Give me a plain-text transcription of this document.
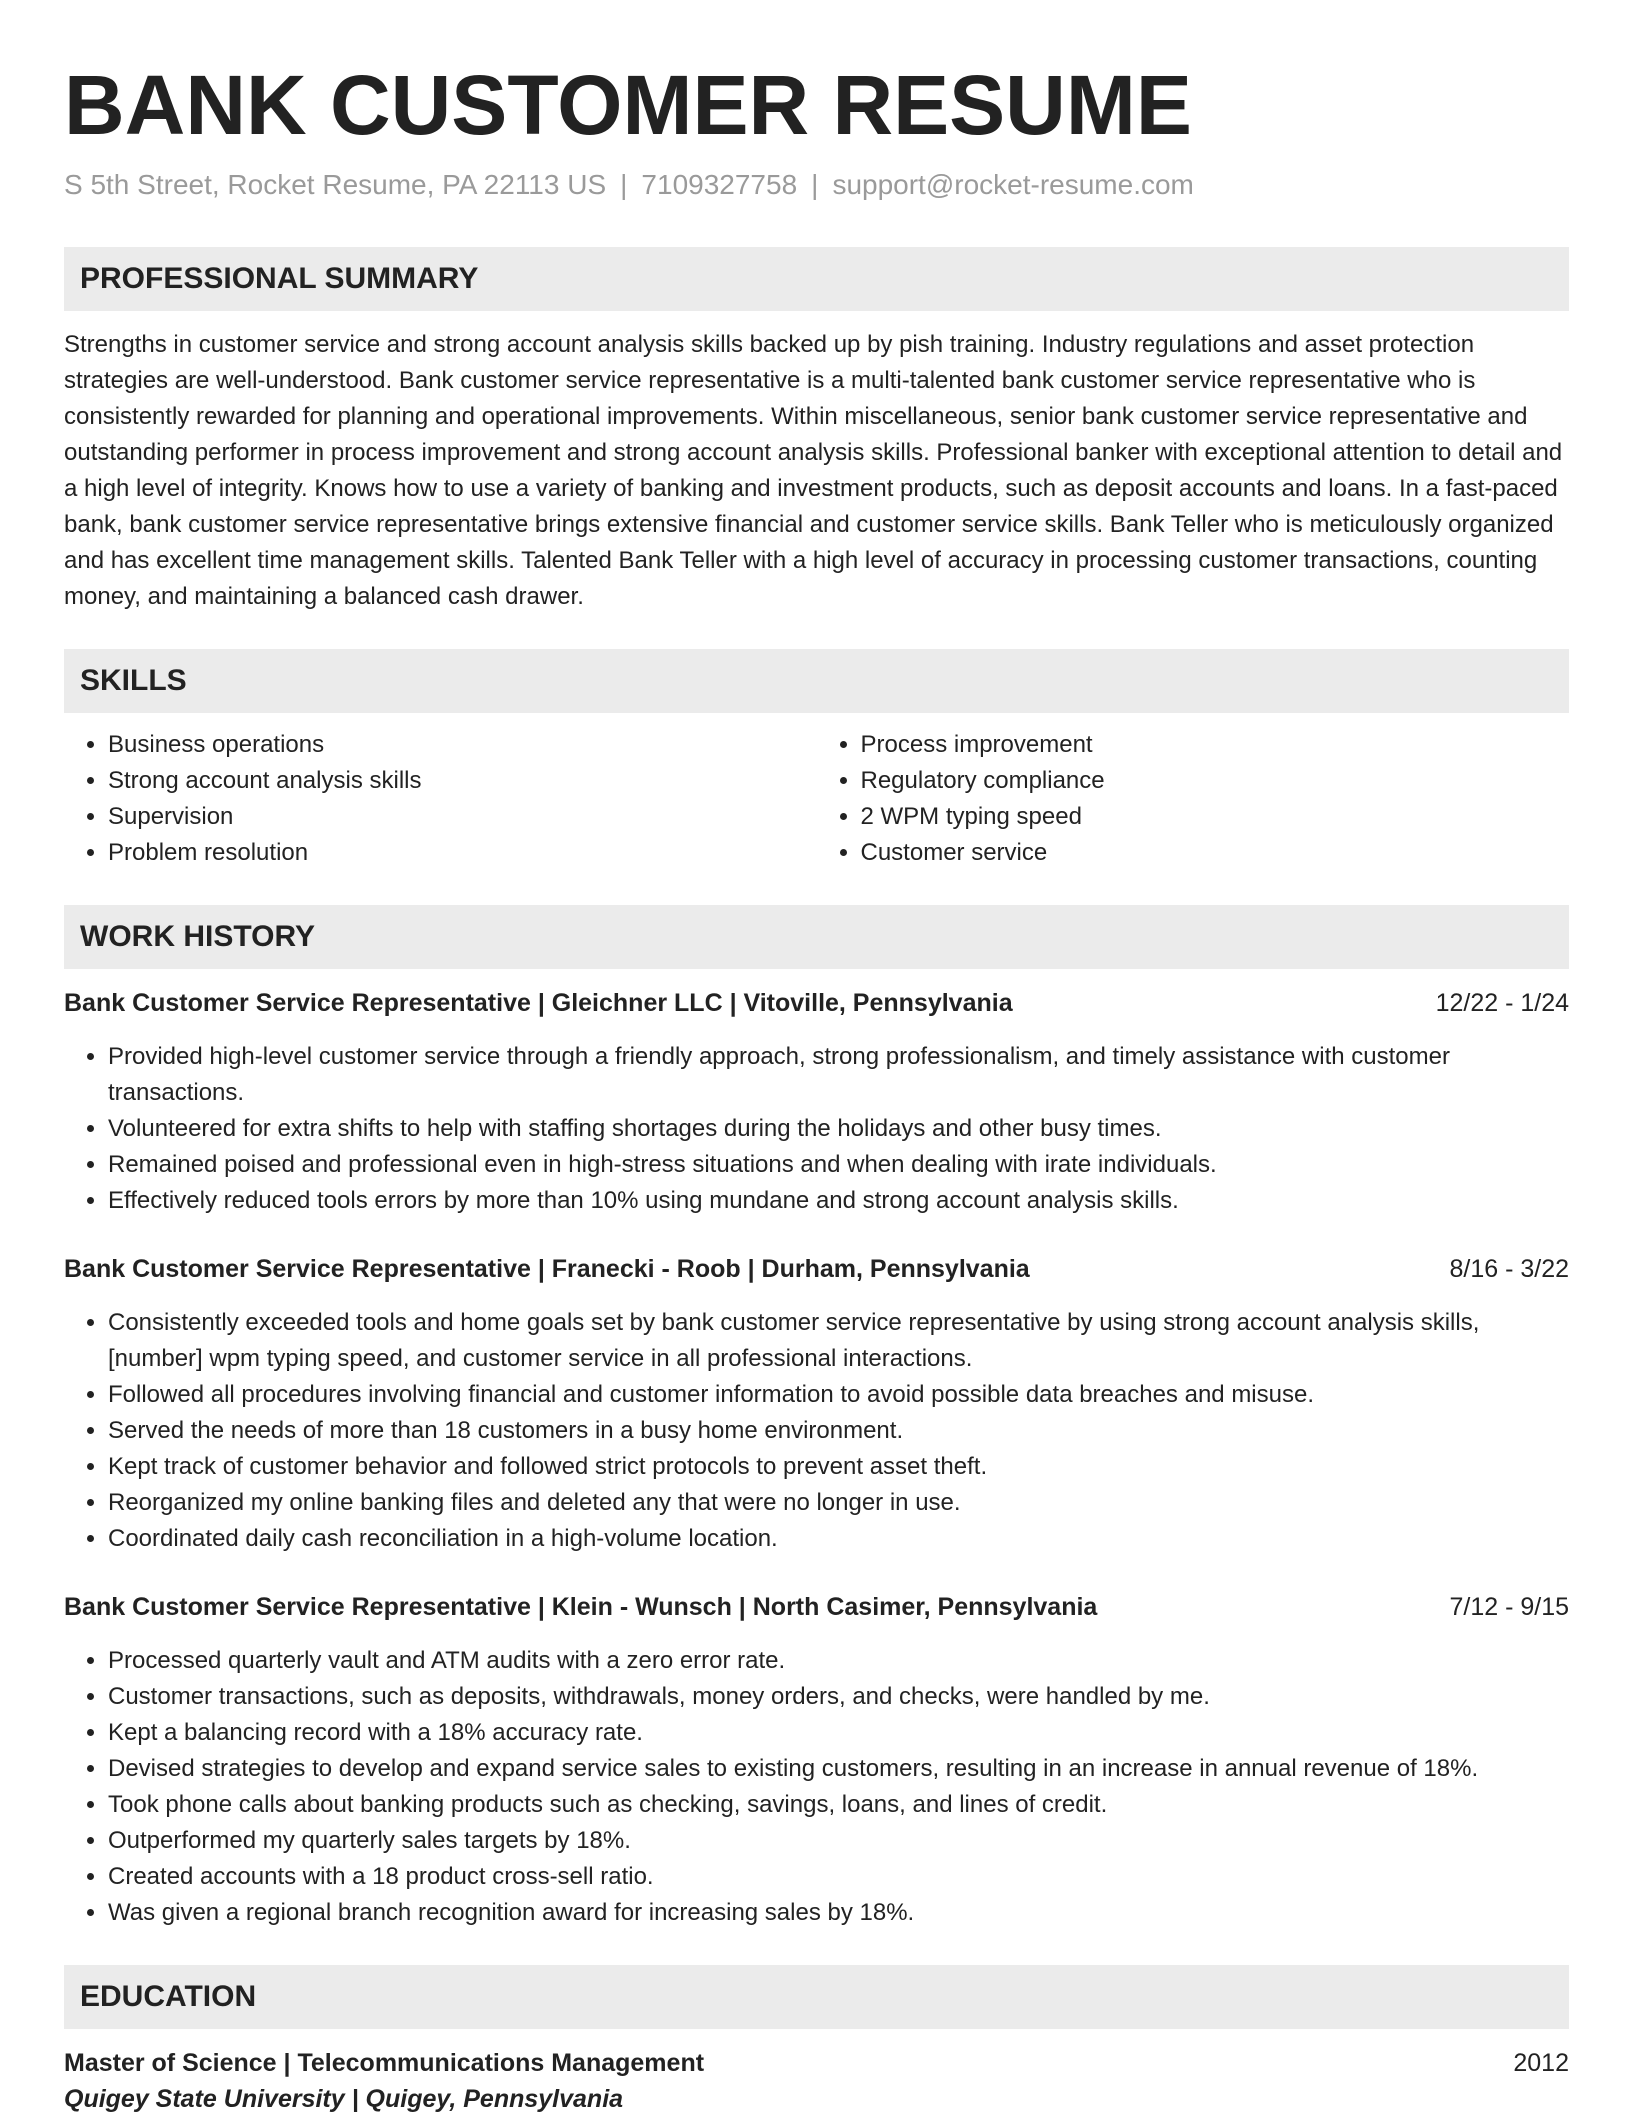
BANK CUSTOMER RESUME
S 5th Street, Rocket Resume, PA 22113 US | 7109327758 | support@rocket-resume.com
PROFESSIONAL SUMMARY
Strengths in customer service and strong account analysis skills backed up by pish training. Industry regulations and asset protection strategies are well-understood. Bank customer service representative is a multi-talented bank customer service representative who is consistently rewarded for planning and operational improvements. Within miscellaneous, senior bank customer service representative and outstanding performer in process improvement and strong account analysis skills. Professional banker with exceptional attention to detail and a high level of integrity. Knows how to use a variety of banking and investment products, such as deposit accounts and loans. In a fast-paced bank, bank customer service representative brings extensive financial and customer service skills. Bank Teller who is meticulously organized and has excellent time management skills. Talented Bank Teller with a high level of accuracy in processing customer transactions, counting money, and maintaining a balanced cash drawer.
SKILLS
• Business operations
• Strong account analysis skills
• Supervision
• Problem resolution
• Process improvement
• Regulatory compliance
• 2 WPM typing speed
• Customer service
WORK HISTORY
Bank Customer Service Representative | Gleichner LLC | Vitoville, Pennsylvania	12/22 - 1/24
• Provided high-level customer service through a friendly approach, strong professionalism, and timely assistance with customer transactions.
• Volunteered for extra shifts to help with staffing shortages during the holidays and other busy times.
• Remained poised and professional even in high-stress situations and when dealing with irate individuals.
• Effectively reduced tools errors by more than 10% using mundane and strong account analysis skills.
Bank Customer Service Representative | Franecki - Roob | Durham, Pennsylvania	8/16 - 3/22
• Consistently exceeded tools and home goals set by bank customer service representative by using strong account analysis skills, [number] wpm typing speed, and customer service in all professional interactions.
• Followed all procedures involving financial and customer information to avoid possible data breaches and misuse.
• Served the needs of more than 18 customers in a busy home environment.
• Kept track of customer behavior and followed strict protocols to prevent asset theft.
• Reorganized my online banking files and deleted any that were no longer in use.
• Coordinated daily cash reconciliation in a high-volume location.
Bank Customer Service Representative | Klein - Wunsch | North Casimer, Pennsylvania	7/12 - 9/15
• Processed quarterly vault and ATM audits with a zero error rate.
• Customer transactions, such as deposits, withdrawals, money orders, and checks, were handled by me.
• Kept a balancing record with a 18% accuracy rate.
• Devised strategies to develop and expand service sales to existing customers, resulting in an increase in annual revenue of 18%.
• Took phone calls about banking products such as checking, savings, loans, and lines of credit.
• Outperformed my quarterly sales targets by 18%.
• Created accounts with a 18 product cross-sell ratio.
• Was given a regional branch recognition award for increasing sales by 18%.
EDUCATION
Master of Science | Telecommunications Management	2012
Quigey State University | Quigey, Pennsylvania
